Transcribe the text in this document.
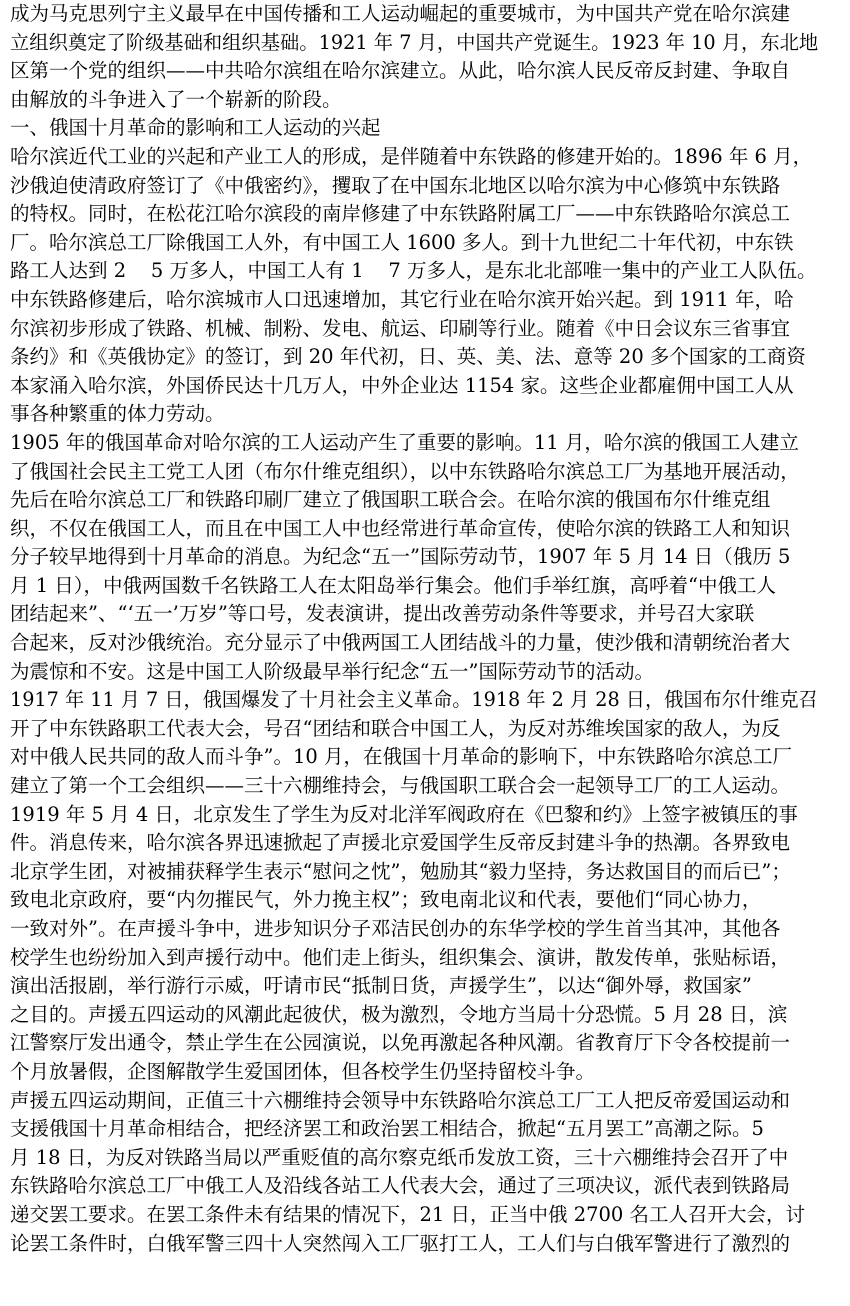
成为马克思列宁主义最早在中国传播和工人运动崛起的重要城市，为中国共产党在哈尔滨建
立组织奠定了阶级基础和组织基础。1921 年 7 月，中国共产党诞生。1923 年 10 月，东北地
区第一个党的组织——中共哈尔滨组在哈尔滨建立。从此，哈尔滨人民反帝反封建、争取自
由解放的斗争进入了一个崭新的阶段。
一、俄国十月革命的影响和工人运动的兴起
哈尔滨近代工业的兴起和产业工人的形成，是伴随着中东铁路的修建开始的。1896 年 6 月，
沙俄迫使清政府签订了《中俄密约》，攫取了在中国东北地区以哈尔滨为中心修筑中东铁路
的特权。同时，在松花江哈尔滨段的南岸修建了中东铁路附属工厂——中东铁路哈尔滨总工
厂。哈尔滨总工厂除俄国工人外，有中国工人 1600 多人。到十九世纪二十年代初，中东铁
路工人达到 2    5 万多人，中国工人有 1    7 万多人，是东北北部唯一集中的产业工人队伍。
中东铁路修建后，哈尔滨城市人口迅速增加，其它行业在哈尔滨开始兴起。到 1911 年，哈
尔滨初步形成了铁路、机械、制粉、发电、航运、印刷等行业。随着《中日会议东三省事宜
条约》和《英俄协定》的签订，到 20 年代初，日、英、美、法、意等 20 多个国家的工商资
本家涌入哈尔滨，外国侨民达十几万人，中外企业达 1154 家。这些企业都雇佣中国工人从
事各种繁重的体力劳动。
1905 年的俄国革命对哈尔滨的工人运动产生了重要的影响。11 月，哈尔滨的俄国工人建立
了俄国社会民主工党工人团（布尔什维克组织），以中东铁路哈尔滨总工厂为基地开展活动，
先后在哈尔滨总工厂和铁路印刷厂建立了俄国职工联合会。在哈尔滨的俄国布尔什维克组
织，不仅在俄国工人，而且在中国工人中也经常进行革命宣传，使哈尔滨的铁路工人和知识
分子较早地得到十月革命的消息。为纪念“五一”国际劳动节，1907 年 5 月 14 日（俄历 5
月 1 日），中俄两国数千名铁路工人在太阳岛举行集会。他们手举红旗，高呼着“中俄工人
团结起来”、“‘五一’万岁”等口号，发表演讲，提出改善劳动条件等要求，并号召大家联
合起来，反对沙俄统治。充分显示了中俄两国工人团结战斗的力量，使沙俄和清朝统治者大
为震惊和不安。这是中国工人阶级最早举行纪念“五一”国际劳动节的活动。
1917 年 11 月 7 日，俄国爆发了十月社会主义革命。1918 年 2 月 28 日，俄国布尔什维克召
开了中东铁路职工代表大会，号召“团结和联合中国工人，为反对苏维埃国家的敌人，为反
对中俄人民共同的敌人而斗争”。10 月，在俄国十月革命的影响下，中东铁路哈尔滨总工厂
建立了第一个工会组织——三十六棚维持会，与俄国职工联合会一起领导工厂的工人运动。
1919 年 5 月 4 日，北京发生了学生为反对北洋军阀政府在《巴黎和约》上签字被镇压的事
件。消息传来，哈尔滨各界迅速掀起了声援北京爱国学生反帝反封建斗争的热潮。各界致电
北京学生团，对被捕获释学生表示“慰问之忱”，勉励其“毅力坚持，务达救国目的而后已”；
致电北京政府，要“内勿摧民气，外力挽主权”；致电南北议和代表，要他们“同心协力，
一致对外”。在声援斗争中，进步知识分子邓洁民创办的东华学校的学生首当其冲，其他各
校学生也纷纷加入到声援行动中。他们走上街头，组织集会、演讲，散发传单，张贴标语，
演出活报剧，举行游行示威，吁请市民“抵制日货，声援学生”，以达“御外辱，救国家”
之目的。声援五四运动的风潮此起彼伏，极为激烈，令地方当局十分恐慌。5 月 28 日，滨
江警察厅发出通令，禁止学生在公园演说，以免再激起各种风潮。省教育厅下令各校提前一
个月放暑假，企图解散学生爱国团体，但各校学生仍坚持留校斗争。
声援五四运动期间，正值三十六棚维持会领导中东铁路哈尔滨总工厂工人把反帝爱国运动和
支援俄国十月革命相结合，把经济罢工和政治罢工相结合，掀起“五月罢工”高潮之际。5
月 18 日，为反对铁路当局以严重贬值的高尔察克纸币发放工资，三十六棚维持会召开了中
东铁路哈尔滨总工厂中俄工人及沿线各站工人代表大会，通过了三项决议，派代表到铁路局
递交罢工要求。在罢工条件未有结果的情况下，21 日，正当中俄 2700 名工人召开大会，讨
论罢工条件时，白俄军警三四十人突然闯入工厂驱打工人，工人们与白俄军警进行了激烈的
